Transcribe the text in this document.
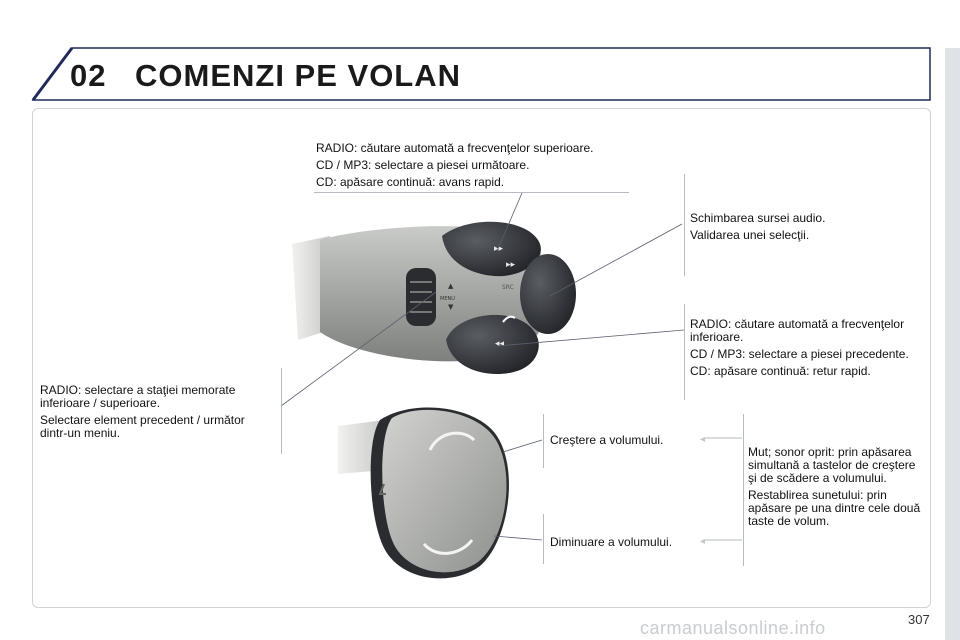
02 COMENZI PE VOLAN
▸▸
▸▸
◂◂
SRC
MENU
▲
▼
◂
◂

RADIO: căutare automată a frecvenţelor superioare.

CD / MP3: selectare a piesei următoare.

CD: apăsare continuă: avans rapid.

Schimbarea sursei audio.

Validarea unei selecţii.

RADIO: căutare automată a frecvenţelor inferioare.

CD / MP3: selectare a piesei precedente.

CD: apăsare continuă: retur rapid.

RADIO: selectare a staţiei memorate inferioare / superioare.

Selectare element precedent / următor dintr-un meniu.	Creştere a volumului.
Diminuare a volumului.

Mut; sonor oprit: prin apăsarea simultană a tastelor de creştere şi de scădere a volumului.

Restablirea sunetului: prin apăsare pe una dintre cele două taste de volum.

307
carmanualsonline.info
